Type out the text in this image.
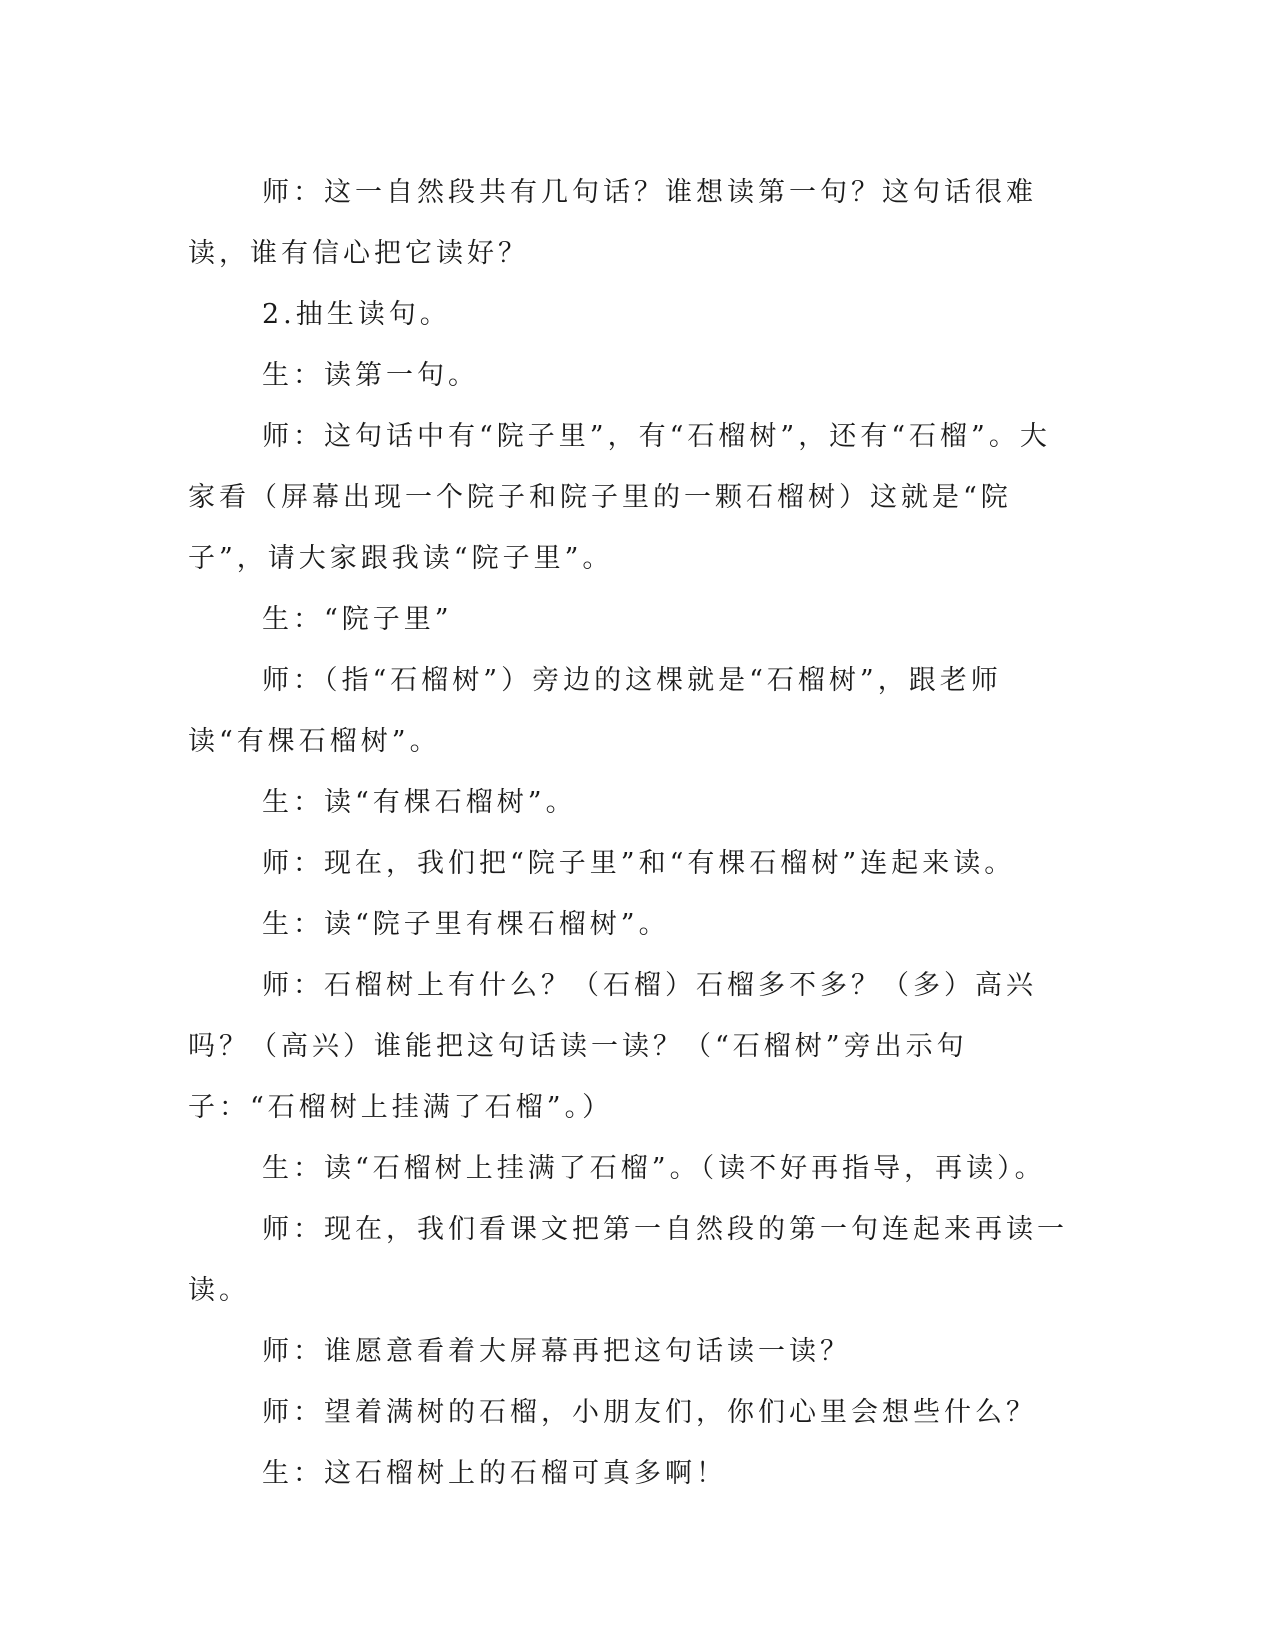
师：这一自然段共有几句话？谁想读第一句？这句话很难读，谁有信心把它读好？

2.抽生读句。

生：读第一句。

师：这句话中有“院子里”，有“石榴树”，还有“石榴”。大家看（屏幕出现一个院子和院子里的一颗石榴树）这就是“院子”，请大家跟我读“院子里”。

生：“院子里”

师：（指“石榴树”）旁边的这棵就是“石榴树”，跟老师读“有棵石榴树”。

生：读“有棵石榴树”。

师：现在，我们把“院子里”和“有棵石榴树”连起来读。

生：读“院子里有棵石榴树”。

师：石榴树上有什么？（石榴）石榴多不多？（多）高兴吗？（高兴）谁能把这句话读一读？（“石榴树”旁出示句子：“石榴树上挂满了石榴”。）

生：读“石榴树上挂满了石榴”。（读不好再指导，再读）。

师：现在，我们看课文把第一自然段的第一句连起来再读一读。

师：谁愿意看着大屏幕再把这句话读一读？

师：望着满树的石榴，小朋友们，你们心里会想些什么？

生：这石榴树上的石榴可真多啊！
